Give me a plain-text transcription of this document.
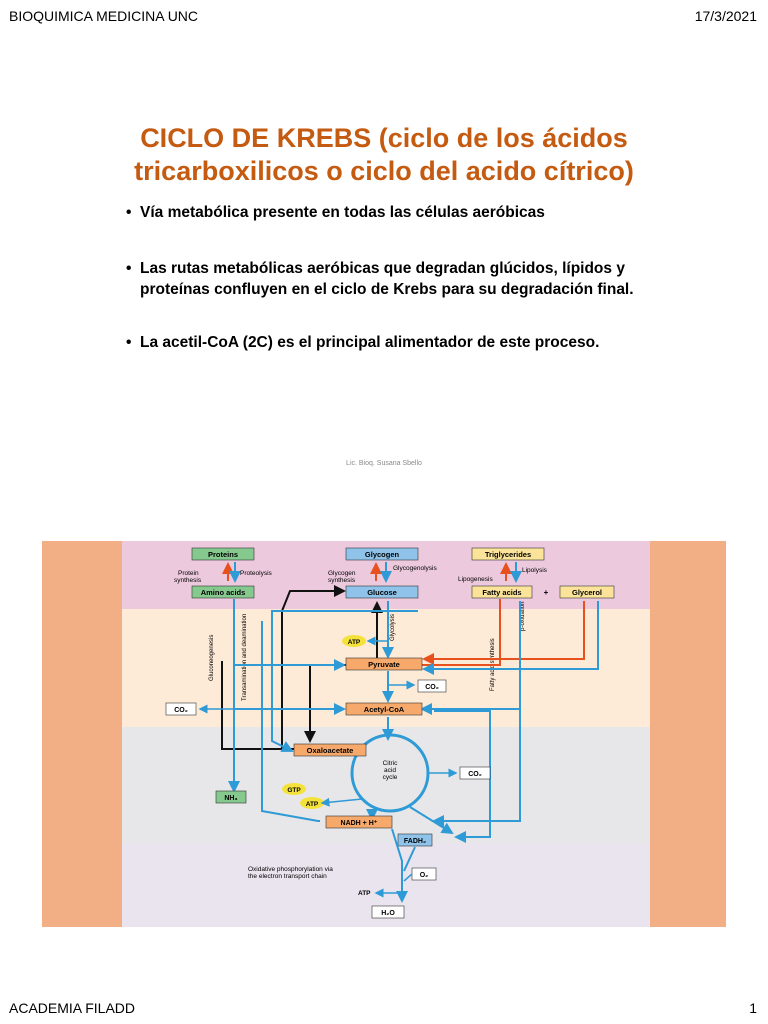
BIOQUIMICA MEDICINA UNC	17/3/2021
CICLO DE KREBS (ciclo de los ácidos
tricarboxilicos o ciclo del acido cítrico)
• Vía metabólica presente en todas las células aeróbicas
• Las rutas metabólicas aeróbicas que degradan glúcidos, lípidos y proteínas confluyen en el ciclo de Krebs para su degradación final.
• La acetil-CoA (2C) es el principal alimentador de este proceso.
Lic. Bioq. Susana Sbello
Proteins	Glycogen	Triglycerides
Protein
synthesis
Proteolysis	Glycogen
synthesis
Glycogenolysis	Lipolysis
Lipogenesis
Amino acids	Glucose	Fatty acids	+	Glycerol
Gluconeogenesis	Transamination and deamination	Glycolysis
Fatty acid synthesis
β-oxidation
ATP
Pyruvate
CO₂
Acetyl-CoA
CO₂
Citric
acid
cycle
Oxaloacetate
CO₂
GTP
ATP
NH₃
NADH + H⁺
FADH₂
Oxidative phosphorylation via
the electron transport chain	O₂
ATP
H₂O
ACADEMIA FILADD	1
